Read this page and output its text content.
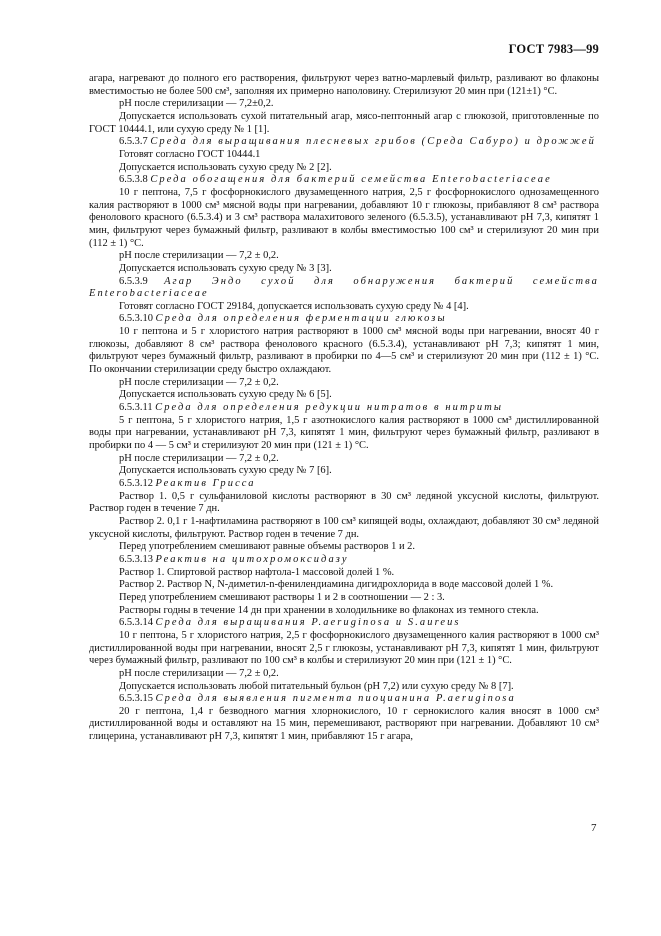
ГОСТ 7983—99

агара, нагревают до полного его растворения, фильтруют через ватно-марлевый фильтр, разливают во флаконы вместимостью не более 500 см³, заполняя их примерно наполовину. Стерилизуют 20 мин при (121±1) °С.

pH после стерилизации — 7,2±0,2.

Допускается использовать сухой питательный агар, мясо-пептонный агар с глюкозой, приготовленные по ГОСТ 10444.1, или сухую среду № 1 [1].

6.5.3.7 Среда для выращивания плесневых грибов (Среда Сабуро) и дрожжей

Готовят согласно ГОСТ 10444.1

Допускается использовать сухую среду № 2 [2].

6.5.3.8 Среда обогащения для бактерий семейства Enterobacteriaceae

10 г пептона, 7,5 г фосфорнокислого двузамещенного натрия, 2,5 г фосфорнокислого однозамещенного калия растворяют в 1000 см³ мясной воды при нагревании, добавляют 10 г глюкозы, прибавляют 8 см³ раствора фенолового красного (6.5.3.4) и 3 см³ раствора малахитового зеленого (6.5.3.5), устанавливают pH 7,3, кипятят 1 мин, фильтруют через бумажный фильтр, разливают в колбы вместимостью 100 см³ и стерилизуют 20 мин при (112 ± 1) °С.

pH после стерилизации — 7,2 ± 0,2.

Допускается использовать сухую среду № 3 [3].

6.5.3.9 Агар Эндо сухой для обнаружения бактерий семейства Enterobacteriaceae

Готовят согласно ГОСТ 29184, допускается использовать сухую среду № 4 [4].

6.5.3.10 Среда для определения ферментации глюкозы

10 г пептона и 5 г хлористого натрия растворяют в 1000 см³ мясной воды при нагревании, вносят 40 г глюкозы, добавляют 8 см³ раствора фенолового красного (6.5.3.4), устанавливают pH 7,3; кипятят 1 мин, фильтруют через бумажный фильтр, разливают в пробирки по 4—5 см³ и стерилизуют 20 мин при (112 ± 1) °С. По окончании стерилизации среду быстро охлаждают.

pH после стерилизации — 7,2 ± 0,2.

Допускается использовать сухую среду № 6 [5].

6.5.3.11 Среда для определения редукции нитратов в нитриты

5 г пептона, 5 г хлористого натрия, 1,5 г азотнокислого калия растворяют в 1000 см³ дистиллированной воды при нагревании, устанавливают pH 7,3, кипятят 1 мин, фильтруют через бумажный фильтр, разливают в пробирки по 4 — 5 см³ и стерилизуют 20 мин при (121 ± 1) °С.

pH после стерилизации — 7,2 ± 0,2.

Допускается использовать сухую среду № 7 [6].

6.5.3.12 Реактив Грисса

Раствор 1. 0,5 г сульфаниловой кислоты растворяют в 30 см³ ледяной уксусной кислоты, фильтруют. Раствор годен в течение 7 дн.

Раствор 2. 0,1 г 1-нафтиламина растворяют в 100 см³ кипящей воды, охлаждают, добавляют 30 см³ ледяной уксусной кислоты, фильтруют. Раствор годен в течение 7 дн.

Перед употреблением смешивают равные объемы растворов 1 и 2.

6.5.3.13 Реактив на цитохромоксидазу

Раствор 1. Спиртовой раствор нафтола-1 массовой долей 1 %.

Раствор 2. Раствор N, N-диметил-n-фенилендиамина дигидрохлорида в воде массовой долей 1 %.

Перед употреблением смешивают растворы 1 и 2 в соотношении — 2 : 3.

Растворы годны в течение 14 дн при хранении в холодильнике во флаконах из темного стекла.

6.5.3.14 Среда для выращивания P.aeruginosa и S.aureus

10 г пептона, 5 г хлористого натрия, 2,5 г фосфорнокислого двузамещенного калия растворяют в 1000 см³ дистиллированной воды при нагревании, вносят 2,5 г глюкозы, устанавливают pH 7,3, кипятят 1 мин, фильтруют через бумажный фильтр, разливают по 100 см³ в колбы и стерилизуют 20 мин при (121 ± 1) °С.

pH после стерилизации — 7,2 ± 0,2.

Допускается использовать любой питательный бульон (pH 7,2) или сухую среду № 8 [7].

6.5.3.15 Среда для выявления пигмента пиоцианина P.aeruginosa

20 г пептона, 1,4 г безводного магния хлорнокислого, 10 г сернокислого калия вносят в 1000 см³ дистиллированной воды и оставляют на 15 мин, перемешивают, растворяют при нагревании. Добавляют 10 см³ глицерина, устанавливают pH 7,3, кипятят 1 мин, прибавляют 15 г агара,

7
